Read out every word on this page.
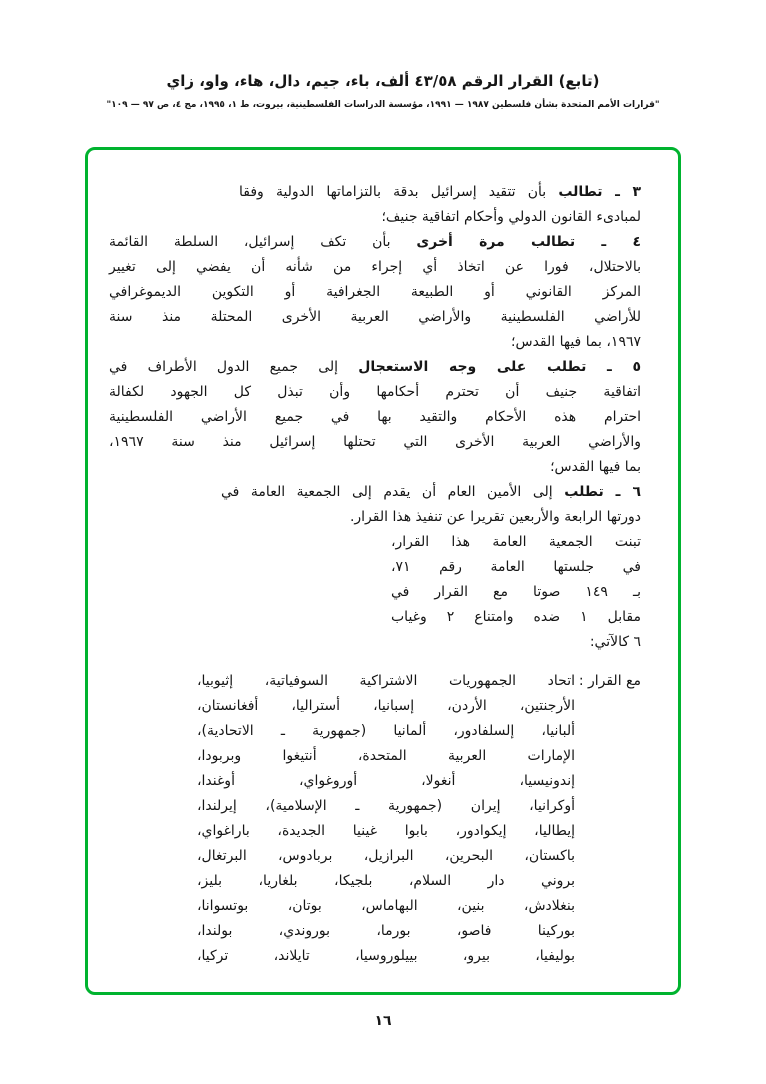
(تابع) القرار الرقم ٤٣/٥٨ ألف، باء، جيم، دال، هاء، واو، زاي
"قرارات الأمم المتحدة بشأن فلسطين ١٩٨٧ — ١٩٩١، مؤسسة الدراسات الفلسطينية، بيروت، ط ١، ١٩٩٥، مج ٤، ص ٩٧ — ١٠٩"
٣ ـ تطالب بأن تتقيد إسرائيل بدقة بالتزاماتها الدولية وفقا
لمبادىء القانون الدولي وأحكام اتفاقية جنيف؛
٤ ـ تطالب مرة أخرى بأن تكف إسرائيل، السلطة القائمة
بالاحتلال، فورا عن اتخاذ أي إجراء من شأنه أن يفضي إلى تغيير
المركز القانوني أو الطبيعة الجغرافية أو التكوين الديموغرافي
للأراضي الفلسطينية والأراضي العربية الأخرى المحتلة منذ سنة
١٩٦٧، بما فيها القدس؛
٥ ـ تطلب على وجه الاستعجال إلى جميع الدول الأطراف في
اتفاقية جنيف أن تحترم أحكامها وأن تبذل كل الجهود لكفالة
احترام هذه الأحكام والتقيد بها في جميع الأراضي الفلسطينية
والأراضي العربية الأخرى التي تحتلها إسرائيل منذ سنة ١٩٦٧،
بما فيها القدس؛
٦ ـ تطلب إلى الأمين العام أن يقدم إلى الجمعية العامة في
دورتها الرابعة والأربعين تقريرا عن تنفيذ هذا القرار.
تبنت الجمعية العامة هذا القرار،
في جلستها العامة رقم ٧١،
بـ ١٤٩ صوتا مع القرار في
مقابل ١ ضده وامتناع ٢ وغياب
٦ كالآتي:
مع القرار :
اتحاد الجمهوريات الاشتراكية السوفياتية، إثيوبيا،
الأرجنتين، الأردن، إسبانيا، أستراليا، أفغانستان،
ألبانيا، إلسلفادور، ألمانيا (جمهورية ـ الاتحادية)،
الإمارات العربية المتحدة، أنتيغوا وبربودا،
إندونيسيا، أنغولا، أوروغواي، أوغندا،
أوكرانيا، إيران (جمهورية ـ الإسلامية)، إيرلندا،
إيطاليا، إيكوادور، بابوا غينيا الجديدة، باراغواي،
باكستان، البحرين، البرازيل، بربادوس، البرتغال،
بروني دار السلام، بلجيكا، بلغاريا، بليز،
بنغلادش، بنين، البهاماس، بوتان، بوتسوانا،
بوركينا فاصو، بورما، بوروندي، بولندا،
بوليفيا، بيرو، بييلوروسيا، تايلاند، تركيا،
١٦
